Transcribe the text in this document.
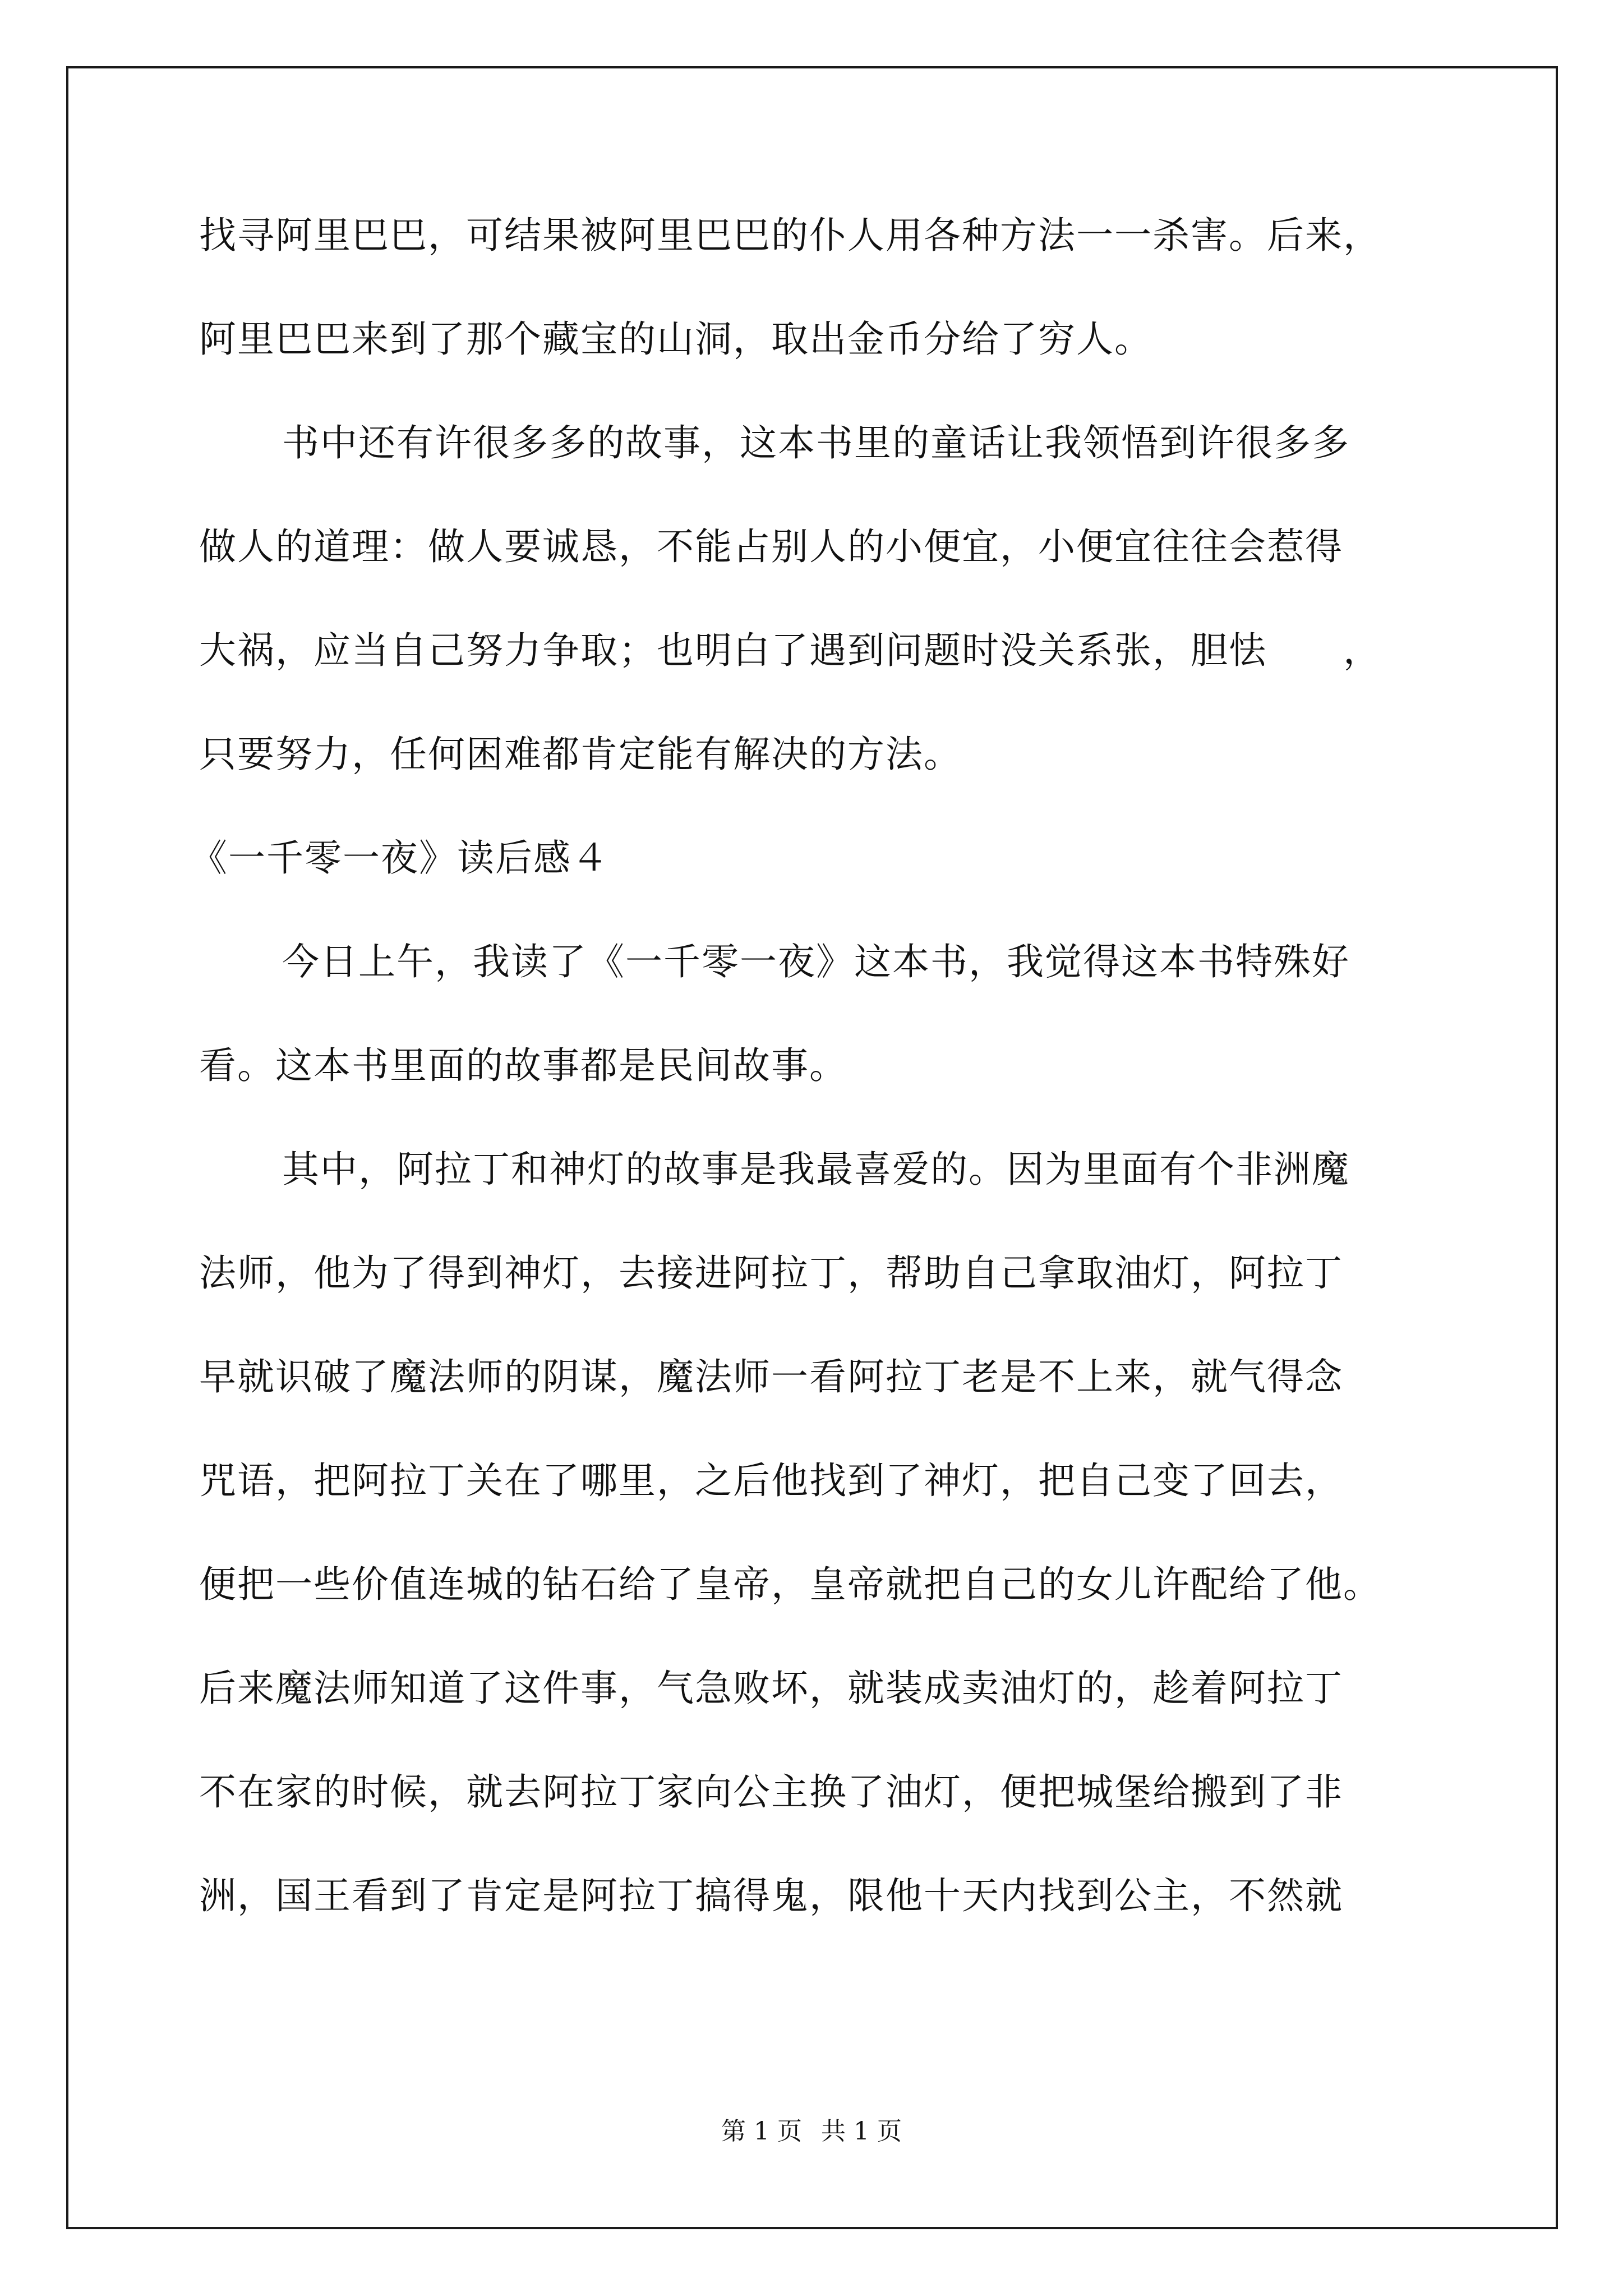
找寻阿里巴巴，可结果被阿里巴巴的仆人用各种方法一一杀害。后来，
阿里巴巴来到了那个藏宝的山洞，取出金币分给了穷人。
书中还有许很多多的故事，这本书里的童话让我领悟到许很多多
做人的道理：做人要诚恳，不能占别人的小便宜，小便宜往往会惹得
大祸，应当自己努力争取；也明白了遇到问题时没关系张，胆怯　　，
只要努力，任何困难都肯定能有解决的方法。
《一千零一夜》读后感４
今日上午，我读了《一千零一夜》这本书，我觉得这本书特殊好
看。这本书里面的故事都是民间故事。
其中，阿拉丁和神灯的故事是我最喜爱的。因为里面有个非洲魔
法师，他为了得到神灯，去接进阿拉丁，帮助自己拿取油灯，阿拉丁
早就识破了魔法师的阴谋，魔法师一看阿拉丁老是不上来，就气得念
咒语，把阿拉丁关在了哪里，之后他找到了神灯，把自己变了回去，
便把一些价值连城的钻石给了皇帝，皇帝就把自己的女儿许配给了他。
后来魔法师知道了这件事，气急败坏，就装成卖油灯的，趁着阿拉丁
不在家的时候，就去阿拉丁家向公主换了油灯，便把城堡给搬到了非
洲，国王看到了肯定是阿拉丁搞得鬼，限他十天内找到公主，不然就
第 1 页 共 1 页
